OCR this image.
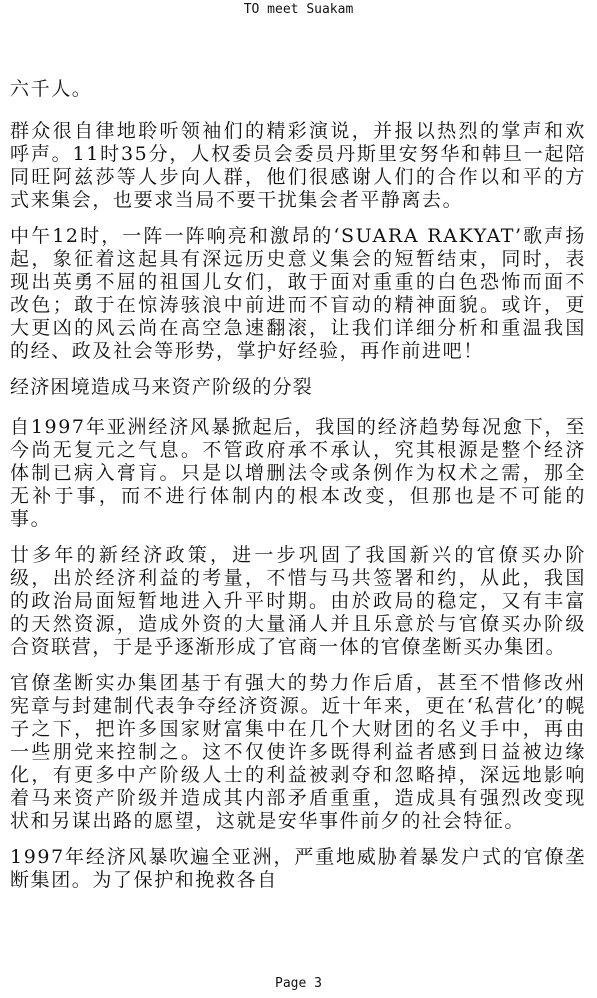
TO meet Suakam

六千人。

群众很自律地聆听领袖们的精彩演说，并报以热烈的掌声和欢呼声。11时35分，人权委员会委员丹斯里安努华和韩旦一起陪同旺阿兹莎等人步向人群，他们很感谢人们的合作以和平的方式来集会，也要求当局不要干扰集会者平静离去。

中午12时，一阵一阵响亮和激昂的‘SUARA RAKYAT’歌声扬起，象征着这起具有深远历史意义集会的短暂结束，同时，表现出英勇不屈的祖国儿女们，敢于面对重重的白色恐怖而面不改色；敢于在惊涛骇浪中前进而不盲动的精神面貌。或许，更大更凶的风云尚在高空急速翻滚，让我们详细分析和重温我国的经、政及社会等形势，掌护好经验，再作前进吧！

经济困境造成马来资产阶级的分裂

自1997年亚洲经济风暴掀起后，我国的经济趋势每况愈下，至今尚无复元之气息。不管政府承不承认，究其根源是整个经济体制已病入膏肓。只是以增删法令或条例作为权术之需，那全无补于事，而不进行体制内的根本改变，但那也是不可能的事。

廿多年的新经济政策，进一步巩固了我国新兴的官僚买办阶级，出於经济利益的考量，不惜与马共签署和约，从此，我国的政治局面短暂地进入升平时期。由於政局的稳定，又有丰富的天然资源，造成外资的大量涌人并且乐意於与官僚买办阶级合资联营，于是乎逐渐形成了官商一体的官僚垄断买办集团。

官僚垄断实办集团基于有强大的势力作后盾，甚至不惜修改州宪章与封建制代表争夺经济资源。近十年来，更在‘私营化’的幌子之下，把许多国家财富集中在几个大财团的名义手中，再由一些朋党来控制之。这不仅使许多既得利益者感到日益被边缘化，有更多中产阶级人士的利益被剥夺和忽略掉，深远地影响着马来资产阶级并造成其内部矛盾重重，造成具有强烈改变现状和另谋出路的愿望，这就是安华事件前夕的社会特征。

1997年经济风暴吹遍全亚洲，严重地威胁着暴发户式的官僚垄断集团。为了保护和挽救各自

Page 3
